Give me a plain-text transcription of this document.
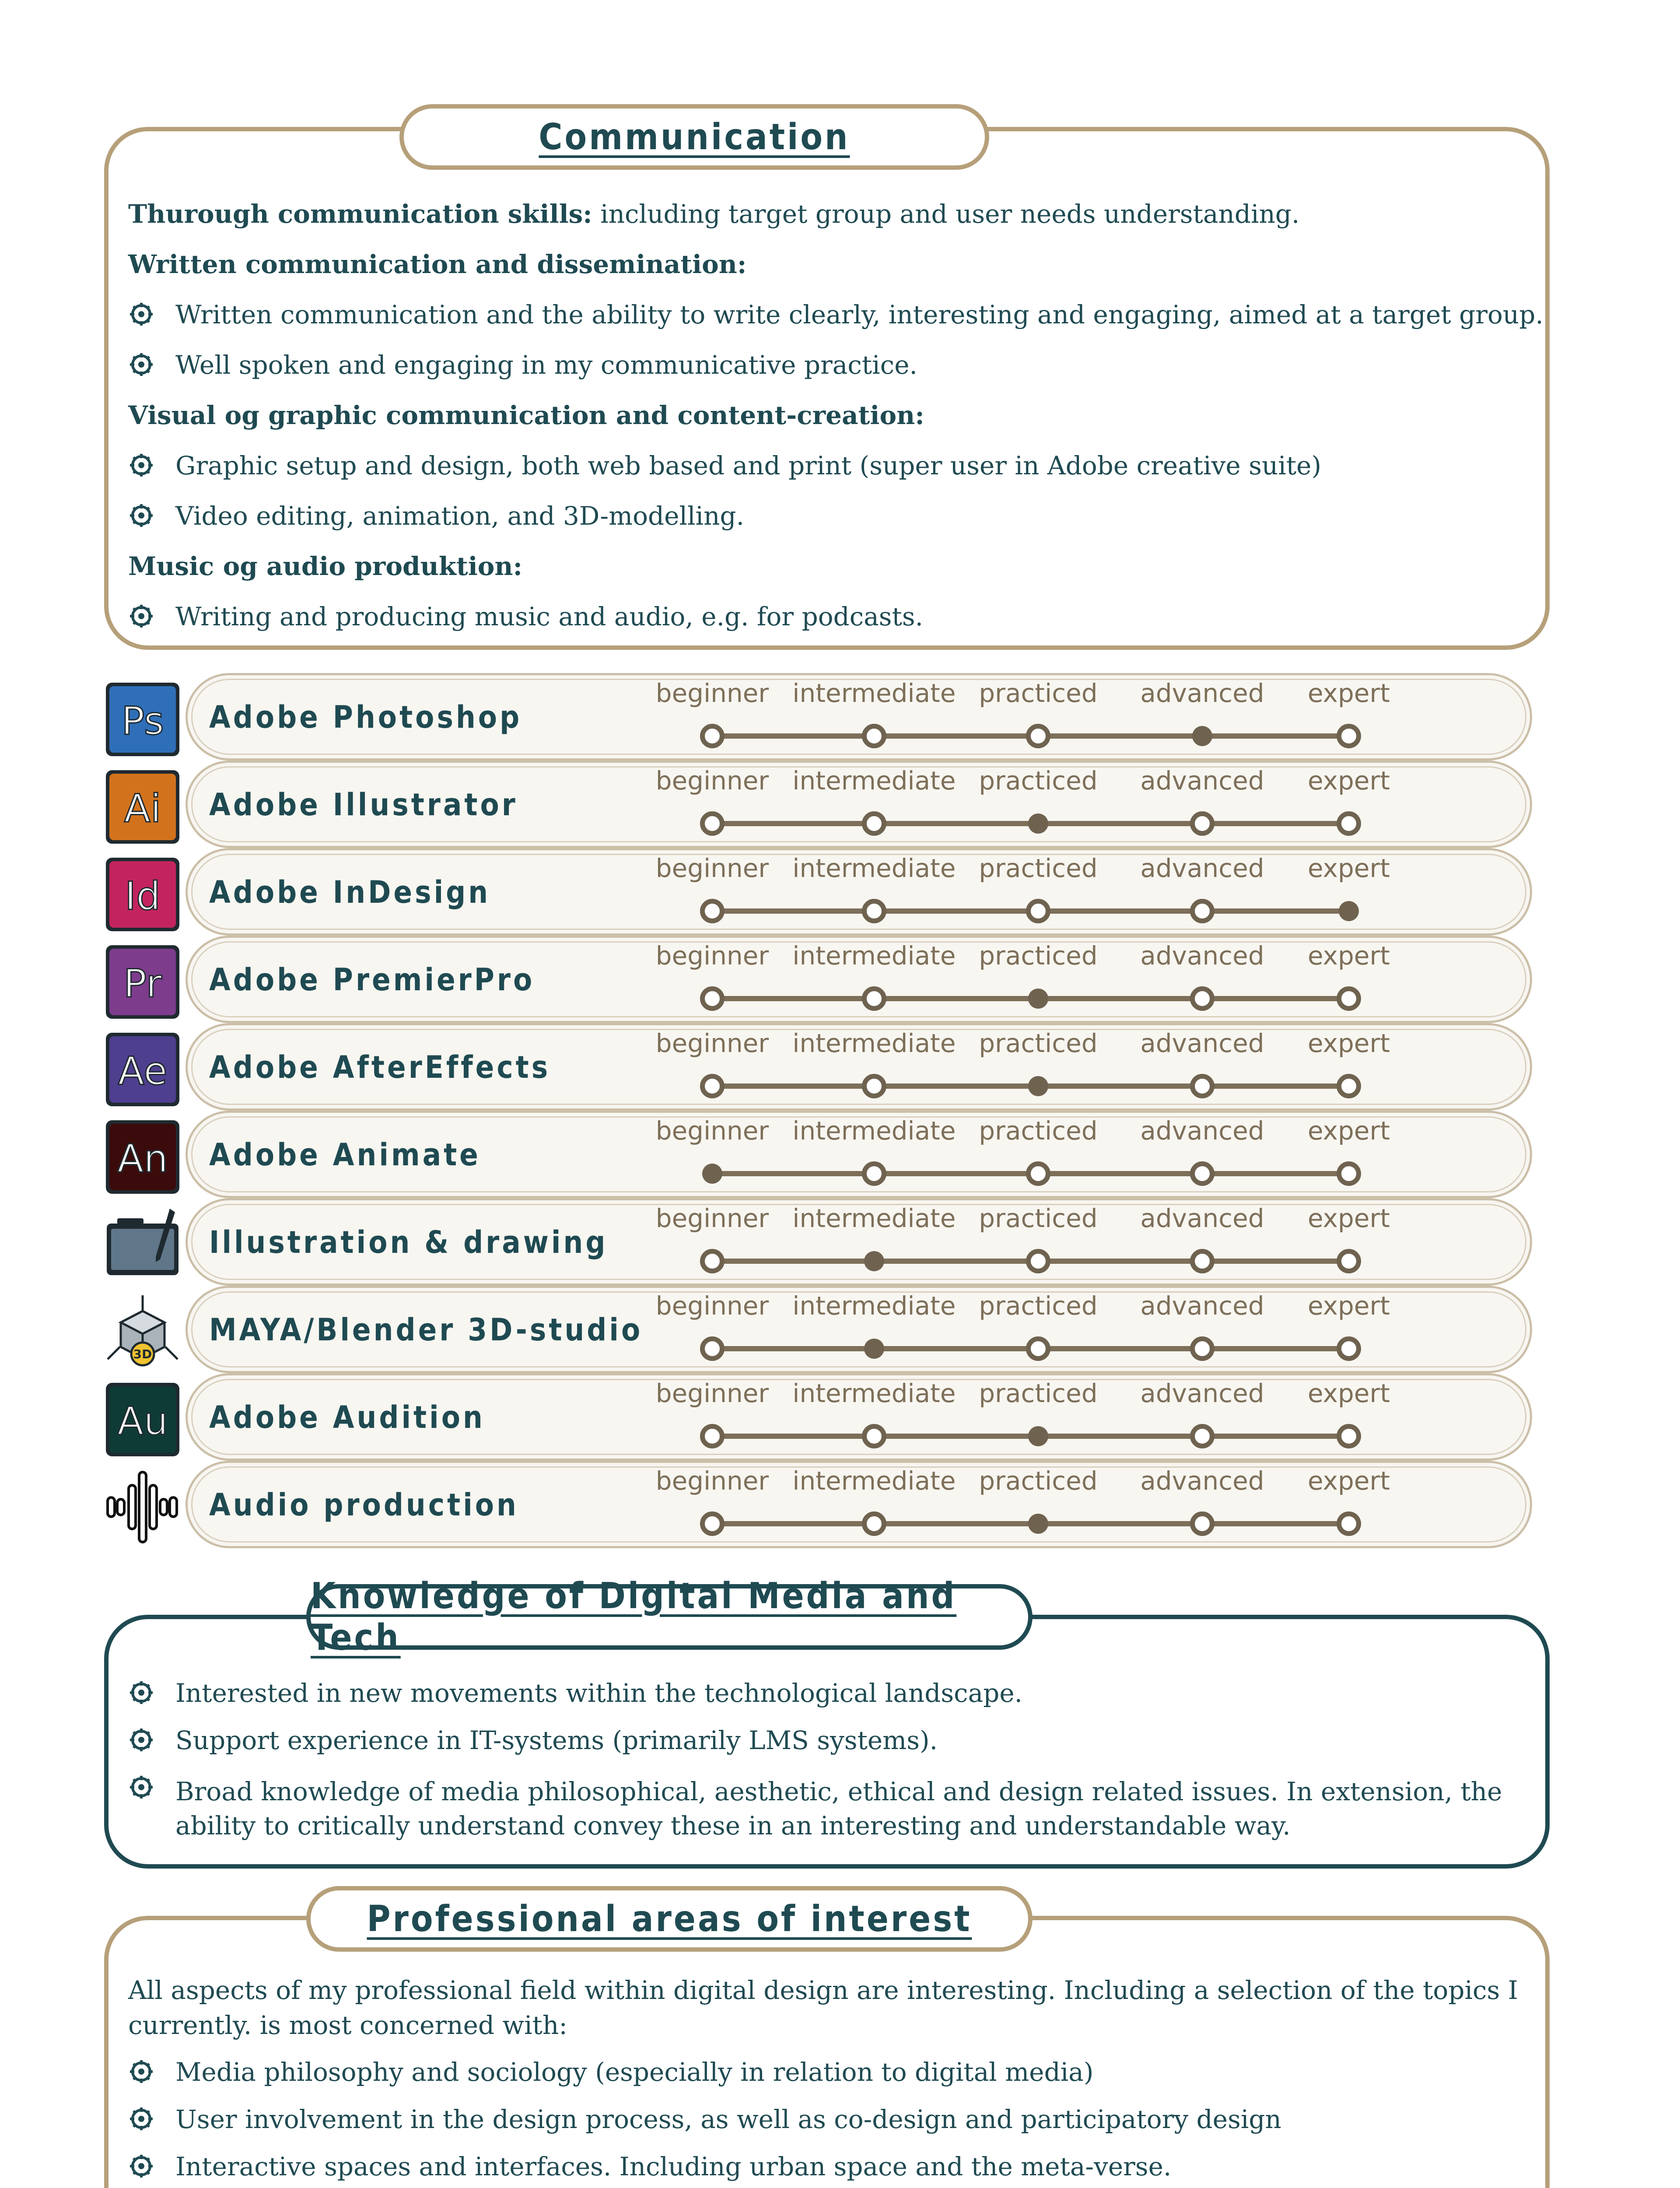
Thurough communication skills: including target group and user needs understanding.
Written communication and dissemination:
Written communication and the ability to write clearly, interesting and engaging, aimed at a target group.
Well spoken and engaging in my communicative practice.
Visual og graphic communication and content-creation:
Graphic setup and design, both web based and print (super user in Adobe creative suite)
Video editing, animation, and 3D-modelling.
Music og audio produktion:
Writing and producing music and audio, e.g. for podcasts.
Communication
Ps Adobe Photoshop
beginner intermediate practiced advanced expert
Ai Adobe Illustrator
beginner intermediate practiced advanced expert
Id Adobe InDesign
beginner intermediate practiced advanced expert
Pr Adobe PremierPro
beginner intermediate practiced advanced expert
Ae Adobe AfterEffects
beginner intermediate practiced advanced expert
An Adobe Animate
beginner intermediate practiced advanced expert
Illustration & drawing
beginner intermediate practiced advanced expert
3D
MAYA/Blender 3D-studio
beginner intermediate practiced advanced expert
Au Adobe Audition
beginner intermediate practiced advanced expert
Audio production
beginner intermediate practiced advanced expert
Interested in new movements within the technological landscape.
Support experience in IT-systems (primarily LMS systems).
Broad knowledge of media philosophical, aesthetic, ethical and design related issues. In extension, the ability to critically understand convey these in an interesting and understandable way.
Knowledge of Digital Media and Tech
All aspects of my professional field within digital design are interesting. Including a selection of the topics I currently. is most concerned with:
Media philosophy and sociology (especially in relation to digital media)
User involvement in the design process, as well as co-design and participatory design
Interactive spaces and interfaces. Including urban space and the meta-verse.
Professional areas of interest
